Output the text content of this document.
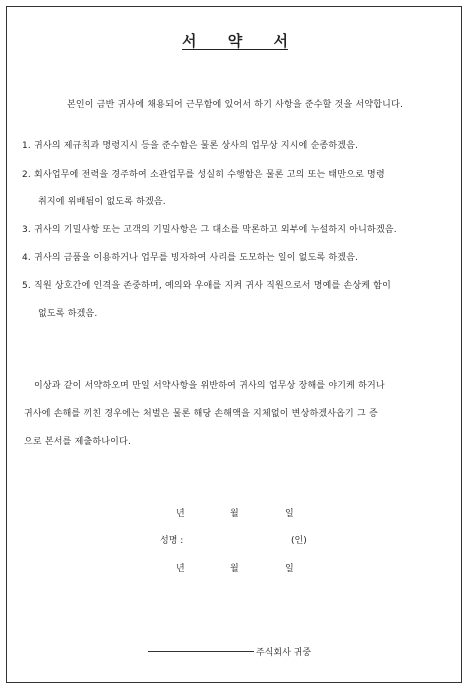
서 약 서
본인이 금반 귀사에 채용되어 근무함에 있어서 하기 사항을 준수할 것을 서약합니다.
1. 귀사의 제규칙과 명령지시 등을 준수함은 물론 상사의 업무상 지시에 순종하겠음.
2. 회사업무에 전력을 경주하여 소관업무를 성실히 수행함은 물론 고의 또는 태만으로 명령
취지에 위배됨이 없도록 하겠음.
3. 귀사의 기밀사항 또는 고객의 기밀사항은 그 대소를 막론하고 외부에 누설하지 아니하겠음.
4. 귀사의 금품을 이용하거나 업무를 빙자하여 사리를 도모하는 일이 없도록 하겠음.
5. 직원 상호간에 인격을 존중하며, 예의와 우애를 지켜 귀사 직원으로서 명예를 손상케 함이
없도록 하겠음.
이상과 같이 서약하오며 만일 서약사항을 위반하여 귀사의 업무상 장해를 야기케 하거나
귀사에 손해를 끼친 경우에는 처벌은 물론 해당 손해액을 지체없이 변상하겠사옵기 그 증
으로 본서를 제출하나이다.
년	월	일
성명 :	(인)
년	월	일
주식회사 귀중
